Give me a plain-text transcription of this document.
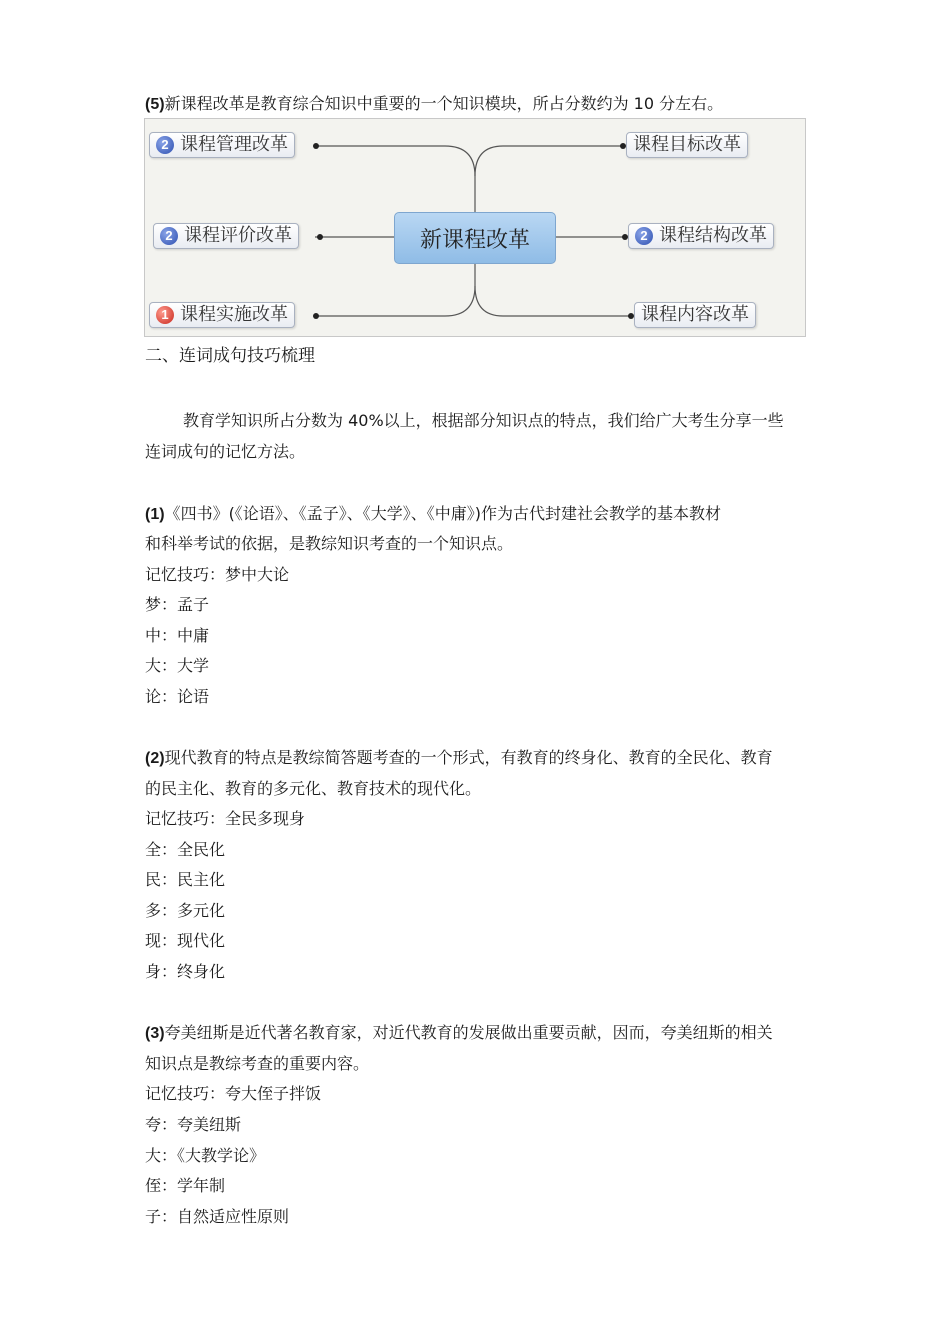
(5)新课程改革是教育综合知识中重要的一个知识模块，所占分数约为 10 分左右。
新课程改革
2 课程管理改革
2 课程评价改革
1 课程实施改革
课程目标改革
2 课程结构改革
课程内容改革
二、连词成句技巧梳理
教育学知识所占分数为 40%以上，根据部分知识点的特点，我们给广大考生分享一些
连词成句的记忆方法。
(1)《四书》(《论语》、《孟子》、《大学》、《中庸》)作为古代封建社会教学的基本教材
和科举考试的依据，是教综知识考查的一个知识点。
记忆技巧：梦中大论
梦：孟子
中：中庸
大：大学
论：论语
(2)现代教育的特点是教综简答题考查的一个形式，有教育的终身化、教育的全民化、教育
的民主化、教育的多元化、教育技术的现代化。
记忆技巧：全民多现身
全：全民化
民：民主化
多：多元化
现：现代化
身：终身化
(3)夸美纽斯是近代著名教育家，对近代教育的发展做出重要贡献，因而，夸美纽斯的相关
知识点是教综考查的重要内容。
记忆技巧：夸大侄子拌饭
夸：夸美纽斯
大：《大教学论》
侄：学年制
子：自然适应性原则
